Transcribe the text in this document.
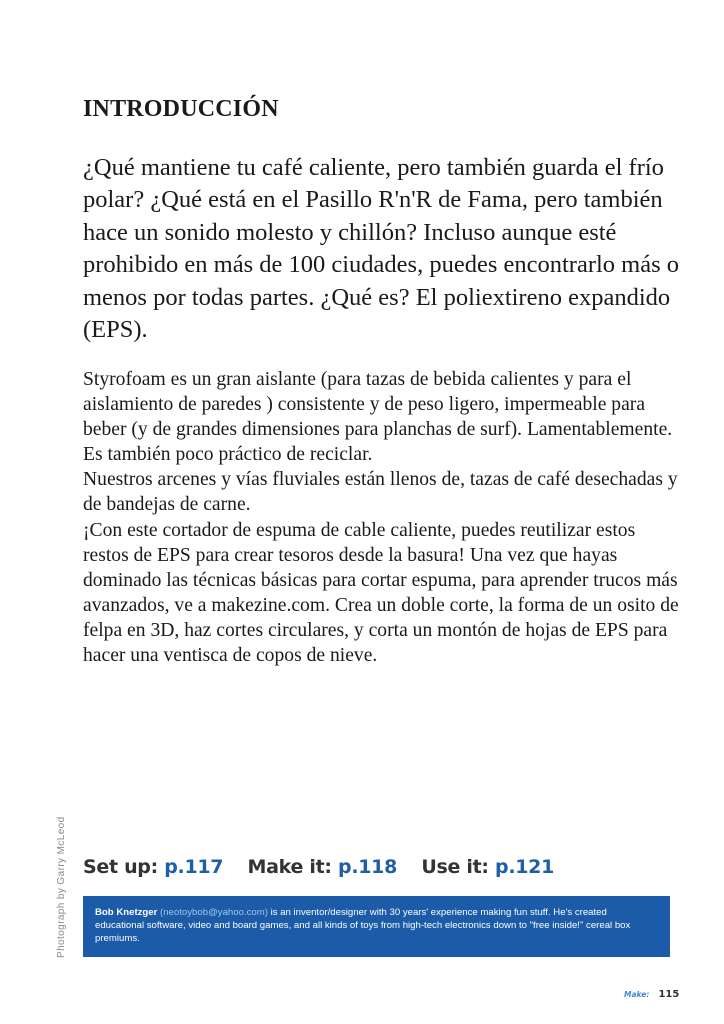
INTRODUCCIÓN

¿Qué mantiene tu café caliente, pero también guarda el frío polar? ¿Qué está en el Pasillo R'n'R de Fama, pero también hace un sonido molesto y chillón? Incluso aunque esté prohibido en más de 100 ciudades, puedes encontrarlo más o menos por todas partes. ¿Qué es? El poliextireno expandido (EPS).

Styrofoam es un gran aislante (para tazas de bebida calientes y para el aislamiento de paredes ) consistente y de peso ligero, impermeable para beber (y de grandes dimensiones para planchas de surf). Lamentablemente. Es también poco práctico de reciclar.

Nuestros arcenes y vías fluviales están llenos de, tazas de café desechadas y de bandejas de carne.

¡Con este cortador de espuma de cable caliente, puedes reutilizar estos restos de EPS para crear tesoros desde la basura! Una vez que hayas dominado las técnicas básicas para cortar espuma, para aprender trucos más avanzados, ve a makezine.com. Crea un doble corte, la forma de un osito de felpa en 3D, haz cortes circulares, y corta un montón de hojas de EPS para hacer una ventisca de copos de nieve.

Photograph by Garry McLeod Set up: p.117 Make it: p.118 Use it: p.121
Bob Knetzger (neotoybob@yahoo.com) is an inventor/designer with 30 years' experience making fun stuff. He's created educational software, video and board games, and all kinds of toys from high-tech electronics down to "free inside!" cereal box premiums.
Make: 115
